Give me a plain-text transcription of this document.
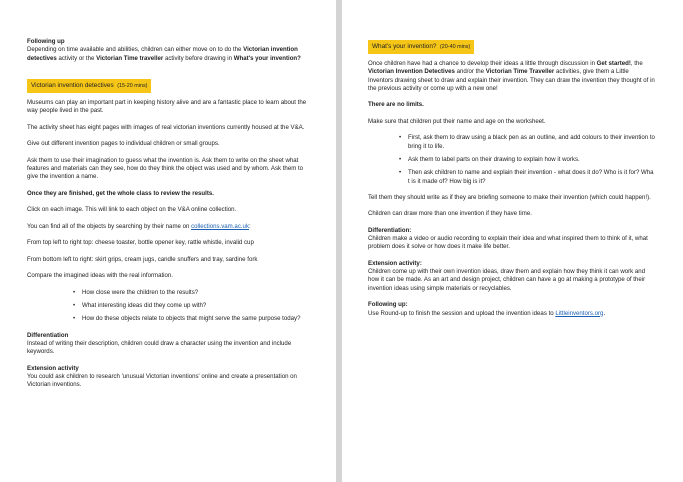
Following up

Depending on time available and abilities, children can either move on to do the Victorian invention detectives activity or the Victorian Time traveller activity before drawing in What's your invention?

Victorian invention detectives (15-20 mins)

Museums can play an important part in keeping history alive and are a fantastic place to learn about the way people lived in the past.

The activity sheet has eight pages with images of real victorian inventions currently housed at the V&A.

Give out different invention pages to individual children or small groups.

Ask them to use their imagination to guess what the invention is. Ask them to write on the sheet what features and materials can they see, how do they think the object was used and by whom. Ask them to give the invention a name.

Once they are finished, get the whole class to review the results.

Click on each image. This will link to each object on the V&A online collection.

You can find all of the objects by searching by their name on collections.vam.ac.uk:

From top left to right top: cheese toaster, bottle opener key, rattle whistle, invalid cup

From bottom left to right: skirt grips, cream jugs, candle snuffers and tray, sardine fork

Compare the imagined ideas with the real information.

• How close were the children to the results?
• What interesting ideas did they come up with?
• How do these objects relate to objects that might serve the same purpose today?

Differentiation

Instead of writing their description, children could draw a character using the invention and include keywords.

Extension activity

You could ask children to research 'unusual Victorian inventions' online and create a presentation on Victorian inventions.

What's your invention? (20-40 mins)

Once children have had a chance to develop their ideas a little through discussion in Get started!, the Victorian Invention Detectives and/or the Victorian Time Traveller activities, give them a Little Inventors drawing sheet to draw and explain their invention. They can draw the invention they thought of in the previous activity or come up with a new one!

There are no limits.

Make sure that children put their name and age on the worksheet.

• First, ask them to draw using a black pen as an outline, and add colours to their invention to bring it to life.
• Ask them to label parts on their drawing to explain how it works.
• Then ask children to name and explain their invention - what does it do? Who is it for? Wha t is it made of? How big is it?

Tell them they should write as if they are briefing someone to make their invention (which could happen!).

Children can draw more than one invention if they have time.

Differentiation:

Children make a video or audio recording to explain their idea and what inspired them to think of it, what problem does it solve or how does it make life better.

Extension activity:

Children come up with their own invention ideas, draw them and explain how they think it can work and how it can be made. As an art and design project, children can have a go at making a prototype of their invention ideas using simple materials or recyclables.

Following up:

Use Round-up to finish the session and upload the invention ideas to Littleinventors.org.
